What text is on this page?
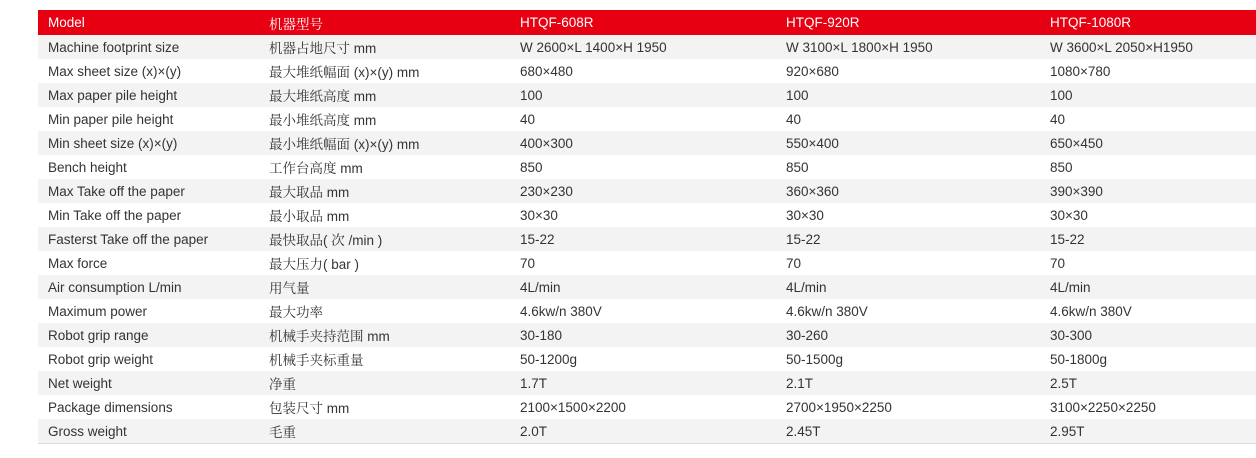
Model	机器型号	HTQF-608R	HTQF-920R	HTQF-1080R
Machine footprint size	机器占地尺寸 mm	W 2600×L 1400×H 1950	W 3100×L 1800×H 1950	W 3600×L 2050×H1950
Max sheet size (x)×(y)	最大堆纸幅面 (x)×(y) mm	680×480	920×680	1080×780
Max paper pile height	最大堆纸高度 mm	100	100	100
Min paper pile height	最小堆纸高度 mm	40	40	40
Min sheet size (x)×(y)	最小堆纸幅面 (x)×(y) mm	400×300	550×400	650×450
Bench height	工作台高度 mm	850	850	850
Max Take off the paper	最大取品 mm	230×230	360×360	390×390
Min Take off the paper	最小取品 mm	30×30	30×30	30×30
Fasterst Take off the paper	最快取品( 次 /min )	15-22	15-22	15-22
Max force	最大压力( bar )	70	70	70
Air consumption L/min	用气量	4L/min	4L/min	4L/min
Maximum power	最大功率	4.6kw/n 380V	4.6kw/n 380V	4.6kw/n 380V
Robot grip range	机械手夹持范围 mm	30-180	30-260	30-300
Robot grip weight	机械手夹标重量	50-1200g	50-1500g	50-1800g
Net weight	净重	1.7T	2.1T	2.5T
Package dimensions	包装尺寸 mm	2100×1500×2200	2700×1950×2250	3100×2250×2250
Gross weight	毛重	2.0T	2.45T	2.95T
